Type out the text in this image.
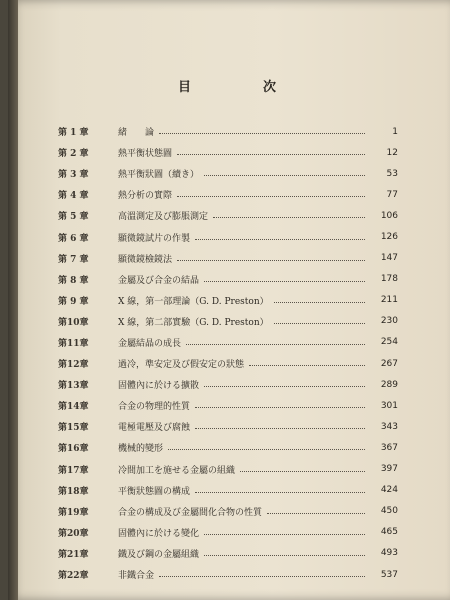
目	次
第 1 章	緒　　論	1
第 2 章	熱平衡状態圖	12
第 3 章	熱平衡狀圖（續き）	53
第 4 章	熱分析の實際	77
第 5 章	高溫測定及び膨脹測定	106
第 6 章	顯微鏡試片の作製	126
第 7 章	顯微鏡檢鏡法	147
第 8 章	金屬及び合金の結晶	178
第 9 章	X 線，第一部理論（G. D. Preston）	211
第10章	X 線，第二部實驗（G. D. Preston）	230
第11章	金屬結晶の成長	254
第12章	過冷，準安定及び假安定の狀態	267
第13章	固體內に於ける擴散	289
第14章	合金の物理的性質	301
第15章	電極電壓及び腐蝕	343
第16章	機械的變形	367
第17章	冷間加工を施せる金屬の組織	397
第18章	平衡狀態圖の構成	424
第19章	合金の構成及び金屬間化合物の性質	450
第20章	固體內に於ける變化	465
第21章	鐵及び鋼の金屬組織	493
第22章	非鐵合金	537
